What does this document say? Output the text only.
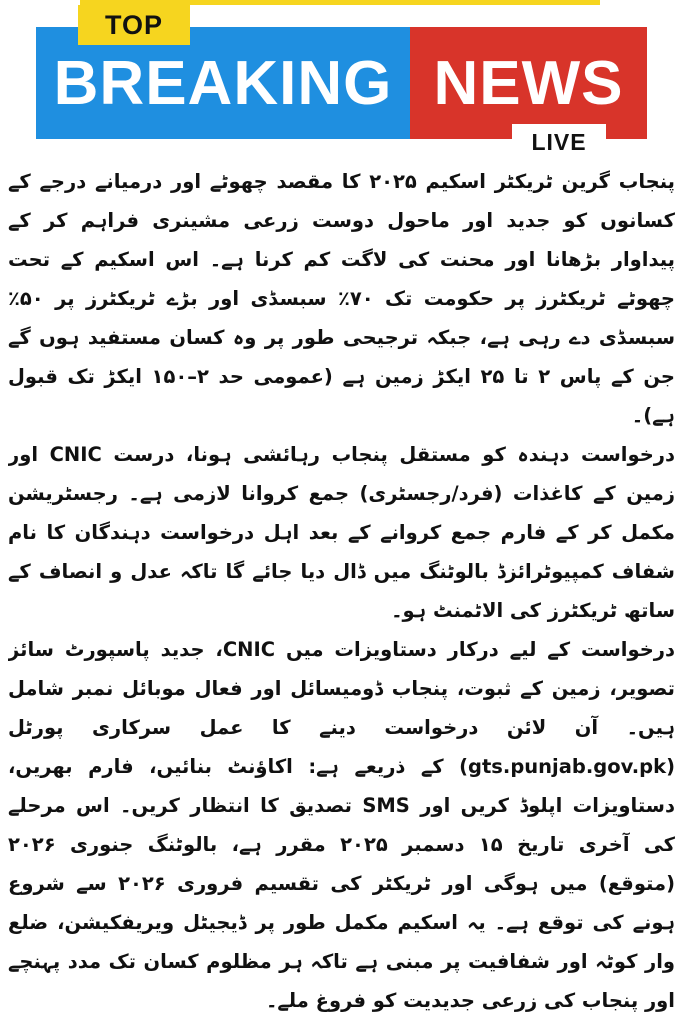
BREAKING NEWS
TOP
LIVE

پنجاب گرین ٹریکٹر اسکیم ۲۰۲۵ کا مقصد چھوٹے اور درمیانے درجے کے کسانوں کو جدید اور ماحول دوست زرعی مشینری فراہم کر کے پیداوار بڑھانا اور محنت کی لاگت کم کرنا ہے۔ اس اسکیم کے تحت چھوٹے ٹریکٹرز پر حکومت تک ۷۰٪ سبسڈی اور بڑے ٹریکٹرز پر ۵۰٪ سبسڈی دے رہی ہے، جبکہ ترجیحی طور پر وہ کسان مستفید ہوں گے جن کے پاس ۲ تا ۲۵ ایکڑ زمین ہے (عمومی حد ۲–۱۵۰ ایکڑ تک قبول ہے)۔

درخواست دہندہ کو مستقل پنجاب رہائشی ہونا، درست CNIC اور زمین کے کاغذات (فرد/رجسٹری) جمع کروانا لازمی ہے۔ رجسٹریشن مکمل کر کے فارم جمع کروانے کے بعد اہل درخواست دہندگان کا نام شفاف کمپیوٹرائزڈ بالوٹنگ میں ڈال دیا جائے گا تاکہ عدل و انصاف کے ساتھ ٹریکٹرز کی الاٹمنٹ ہو۔

درخواست کے لیے درکار دستاویزات میں CNIC، جدید پاسپورٹ سائز تصویر، زمین کے ثبوت، پنجاب ڈومیسائل اور فعال موبائل نمبر شامل ہیں۔ آن لائن درخواست دینے کا عمل سرکاری پورٹل (gts.punjab.gov.pk) کے ذریعے ہے: اکاؤنٹ بنائیں، فارم بھریں، دستاویزات اپلوڈ کریں اور SMS تصدیق کا انتظار کریں۔ اس مرحلے کی آخری تاریخ ۱۵ دسمبر ۲۰۲۵ مقرر ہے، بالوٹنگ جنوری ۲۰۲۶ (متوقع) میں ہوگی اور ٹریکٹر کی تقسیم فروری ۲۰۲۶ سے شروع ہونے کی توقع ہے۔ یہ اسکیم مکمل طور پر ڈیجیٹل ویریفکیشن، ضلع وار کوٹہ اور شفافیت پر مبنی ہے تاکہ ہر مظلوم کسان تک مدد پہنچے اور پنجاب کی زرعی جدیدیت کو فروغ ملے۔
